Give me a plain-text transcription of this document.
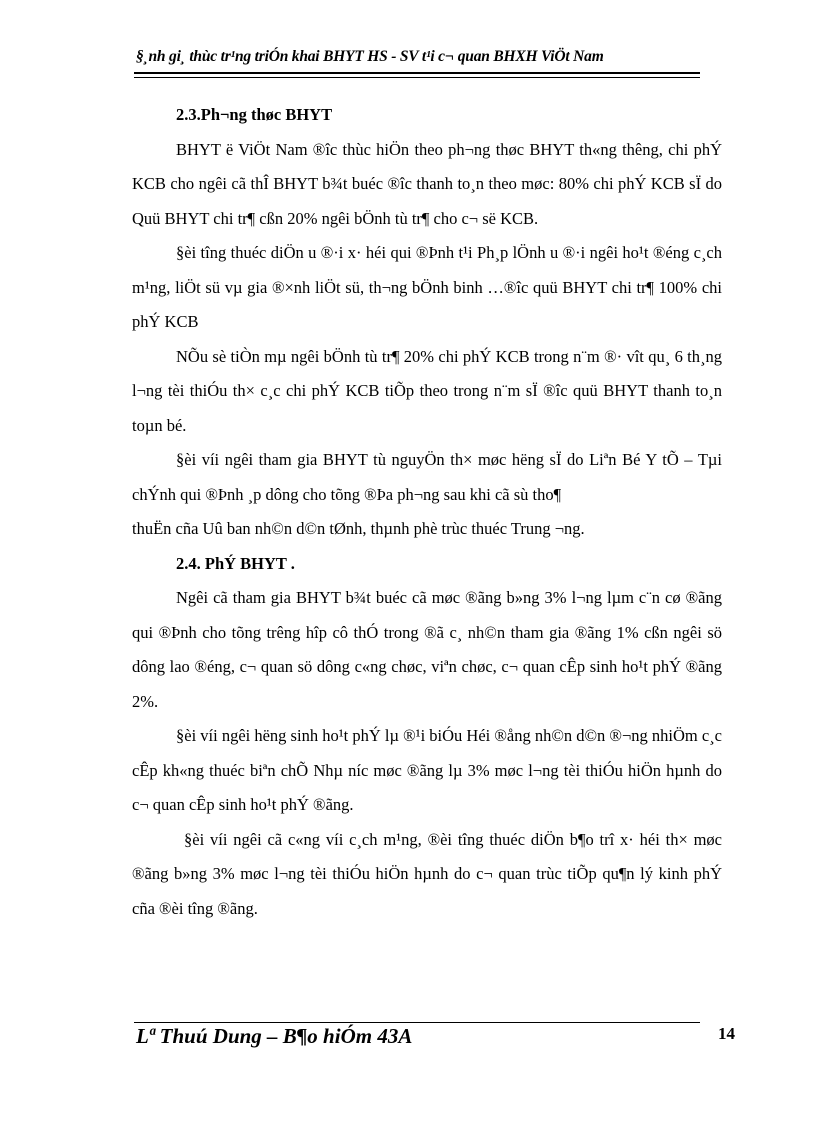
§¸nh gi¸ thùc tr¹ng triÓn khai BHYT HS - SV t¹i c¬ quan BHXH ViÖt Nam
2.3.Ph¬ng thøc BHYT

BHYT ë ViÖt Nam ®îc thùc hiÖn theo ph¬ng thøc BHYT th«ng thêng, chi phÝ KCB cho ngêi cã thÎ BHYT b¾t buéc ®îc thanh to¸n theo møc: 80% chi phÝ KCB sÏ do Quü BHYT chi tr¶ cßn 20% ngêi bÖnh tù tr¶ cho c¬ së KCB.

§èi tîng thuéc diÖn u ®·i x· héi qui ®Þnh t¹i Ph¸p lÖnh u ®·i ngêi ho¹t ®éng c¸ch m¹ng, liÖt sü vµ gia ®×nh liÖt sü, th¬ng bÖnh binh …®îc quü BHYT chi tr¶ 100% chi phÝ KCB

NÕu sè tiÒn mµ ngêi bÖnh tù tr¶ 20% chi phÝ KCB trong n¨m ®· vît qu¸ 6 th¸ng l¬ng tèi thiÓu th× c¸c chi phÝ KCB tiÕp theo trong n¨m sÏ ®îc quü BHYT thanh to¸n toµn bé.

§èi víi ngêi tham gia BHYT tù nguyÖn th× møc hëng sÏ do Liªn Bé Y tÕ – Tµi chÝnh qui ®Þnh ¸p dông cho tõng ®Þa ph¬ng sau khi cã sù tho¶

thuËn cña Uû ban nh©n d©n tØnh, thµnh phè trùc thuéc Trung ¬ng.

2.4. PhÝ BHYT .

Ngêi cã tham gia BHYT b¾t buéc cã møc ®ãng b»ng 3% l¬ng lµm c¨n cø ®ãng qui ®Þnh cho tõng trêng hîp cô thÓ trong ®ã c¸ nh©n tham gia ®ãng 1% cßn ngêi sö dông lao ®éng, c¬ quan sö dông c«ng chøc, viªn chøc, c¬ quan cÊp sinh ho¹t phÝ ®ãng 2%.

§èi víi ngêi hëng sinh ho¹t phÝ lµ ®¹i biÓu Héi ®ång nh©n d©n ®¬ng nhiÖm c¸c cÊp kh«ng thuéc biªn chÕ Nhµ níc møc ®ãng lµ 3% møc l¬ng tèi thiÓu hiÖn hµnh do c¬ quan cÊp sinh ho¹t phÝ ®ãng.

§èi víi ngêi cã c«ng víi c¸ch m¹ng, ®èi tîng thuéc diÖn b¶o trî x· héi th× møc ®ãng b»ng 3% møc l¬ng tèi thiÓu hiÖn hµnh do c¬ quan trùc tiÕp qu¶n lý kinh phÝ cña ®èi tîng ®ãng.

Lª Thuú Dung – B¶o hiÓm 43A	14
